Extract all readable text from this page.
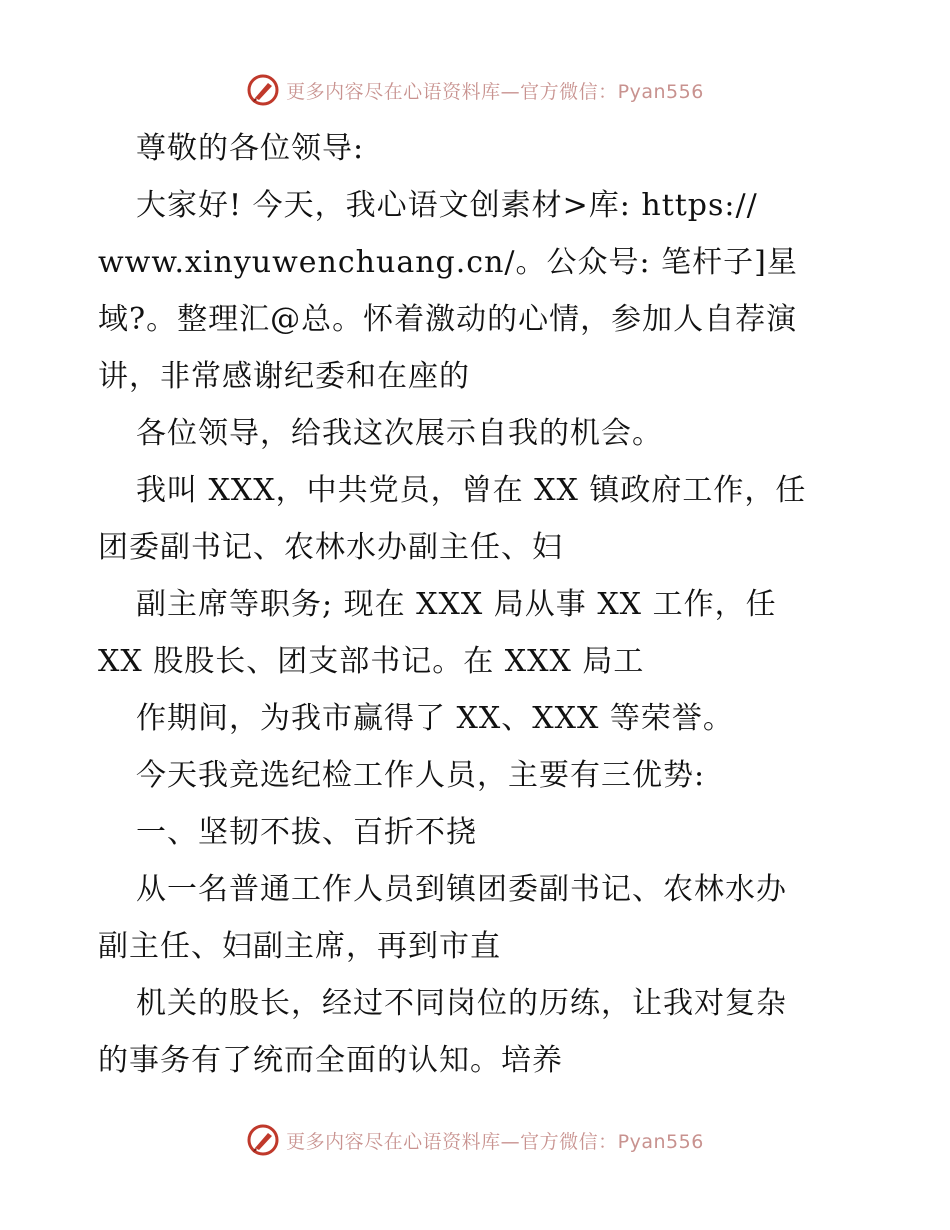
更多内容尽在心语资料库—官方微信：Pyan556
尊敬的各位领导:
大家好! 今天，我心语文创素材>库: https://
www.xinyuwenchuang.cn/。公众号: 笔杆子]星
域?。整理汇@总。怀着激动的心情，参加人自荐演
讲，非常感谢纪委和在座的
各位领导，给我这次展示自我的机会。
我叫 XXX，中共党员，曾在 XX 镇政府工作，任
团委副书记、农林水办副主任、妇
副主席等职务; 现在 XXX 局从事 XX 工作，任
XX 股股长、团支部书记。在 XXX 局工
作期间，为我市赢得了 XX、XXX 等荣誉。
今天我竞选纪检工作人员，主要有三优势:
一、坚韧不拔、百折不挠
从一名普通工作人员到镇团委副书记、农林水办
副主任、妇副主席，再到市直
机关的股长，经过不同岗位的历练，让我对复杂
的事务有了统而全面的认知。培养
更多内容尽在心语资料库—官方微信：Pyan556
